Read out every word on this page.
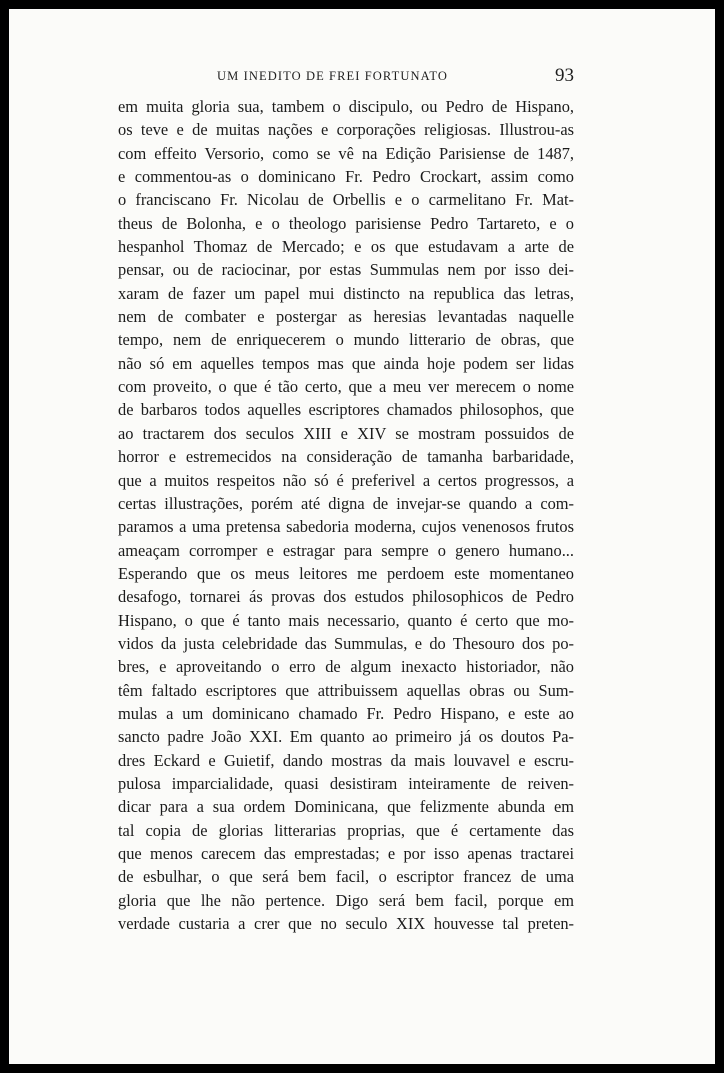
UM INEDITO DE FREI FORTUNATO	93
em muita gloria sua, tambem o discipulo, ou Pedro de Hispano,
os teve e de muitas nações e corporações religiosas. Illustrou-as
com effeito Versorio, como se vê na Edição Parisiense de 1487,
e commentou-as o dominicano Fr. Pedro Crockart, assim como
o franciscano Fr. Nicolau de Orbellis e o carmelitano Fr. Mat-
theus de Bolonha, e o theologo parisiense Pedro Tartareto, e o
hespanhol Thomaz de Mercado; e os que estudavam a arte de
pensar, ou de raciocinar, por estas Summulas nem por isso dei-
xaram de fazer um papel mui distincto na republica das letras,
nem de combater e postergar as heresias levantadas naquelle
tempo, nem de enriquecerem o mundo litterario de obras, que
não só em aquelles tempos mas que ainda hoje podem ser lidas
com proveito, o que é tão certo, que a meu ver merecem o nome
de barbaros todos aquelles escriptores chamados philosophos, que
ao tractarem dos seculos XIII e XIV se mostram possuidos de
horror e estremecidos na consideração de tamanha barbaridade,
que a muitos respeitos não só é preferivel a certos progressos, a
certas illustrações, porém até digna de invejar-se quando a com-
paramos a uma pretensa sabedoria moderna, cujos venenosos frutos
ameaçam corromper e estragar para sempre o genero humano...
Esperando que os meus leitores me perdoem este momentaneo
desafogo, tornarei ás provas dos estudos philosophicos de Pedro
Hispano, o que é tanto mais necessario, quanto é certo que mo-
vidos da justa celebridade das Summulas, e do Thesouro dos po-
bres, e aproveitando o erro de algum inexacto historiador, não
têm faltado escriptores que attribuissem aquellas obras ou Sum-
mulas a um dominicano chamado Fr. Pedro Hispano, e este ao
sancto padre João XXI. Em quanto ao primeiro já os doutos Pa-
dres Eckard e Guietif, dando mostras da mais louvavel e escru-
pulosa imparcialidade, quasi desistiram inteiramente de reiven-
dicar para a sua ordem Dominicana, que felizmente abunda em
tal copia de glorias litterarias proprias, que é certamente das
que menos carecem das emprestadas; e por isso apenas tractarei
de esbulhar, o que será bem facil, o escriptor francez de uma
gloria que lhe não pertence. Digo será bem facil, porque em
verdade custaria a crer que no seculo XIX houvesse tal preten-
